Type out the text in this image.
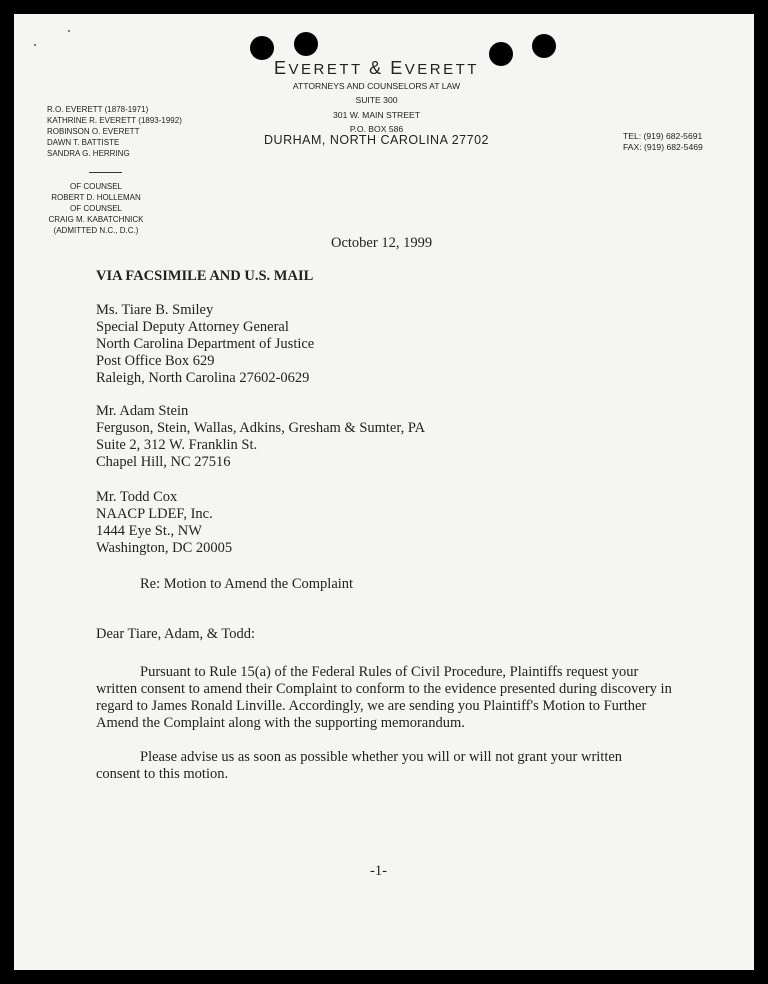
EVERETT & EVERETT
ATTORNEYS AND COUNSELORS AT LAW
SUITE 300
301 W. MAIN STREET
P.O. BOX 586
DURHAM, NORTH CAROLINA 27702	TEL: (919) 682-5691
FAX: (919) 682-5469
R.O. EVERETT (1878-1971)
KATHRINE R. EVERETT (1893-1992)
ROBINSON O. EVERETT
DAWN T. BATTISTE
SANDRA G. HERRING
OF COUNSEL
ROBERT D. HOLLEMAN
OF COUNSEL
CRAIG M. KABATCHNICK
(ADMITTED N.C., D.C.)
October 12, 1999
VIA FACSIMILE AND U.S. MAIL
Ms. Tiare B. Smiley
Special Deputy Attorney General
North Carolina Department of Justice
Post Office Box 629
Raleigh, North Carolina 27602-0629
Mr. Adam Stein
Ferguson, Stein, Wallas, Adkins, Gresham & Sumter, PA
Suite 2, 312 W. Franklin St.
Chapel Hill, NC 27516
Mr. Todd Cox
NAACP LDEF, Inc.
1444 Eye St., NW
Washington, DC 20005
Re: Motion to Amend the Complaint
Dear Tiare, Adam, & Todd:
Pursuant to Rule 15(a) of the Federal Rules of Civil Procedure, Plaintiffs request your written consent to amend their Complaint to conform to the evidence presented during discovery in regard to James Ronald Linville. Accordingly, we are sending you Plaintiff's Motion to Further Amend the Complaint along with the supporting memorandum.
Please advise us as soon as possible whether you will or will not grant your written consent to this motion.
-1-
